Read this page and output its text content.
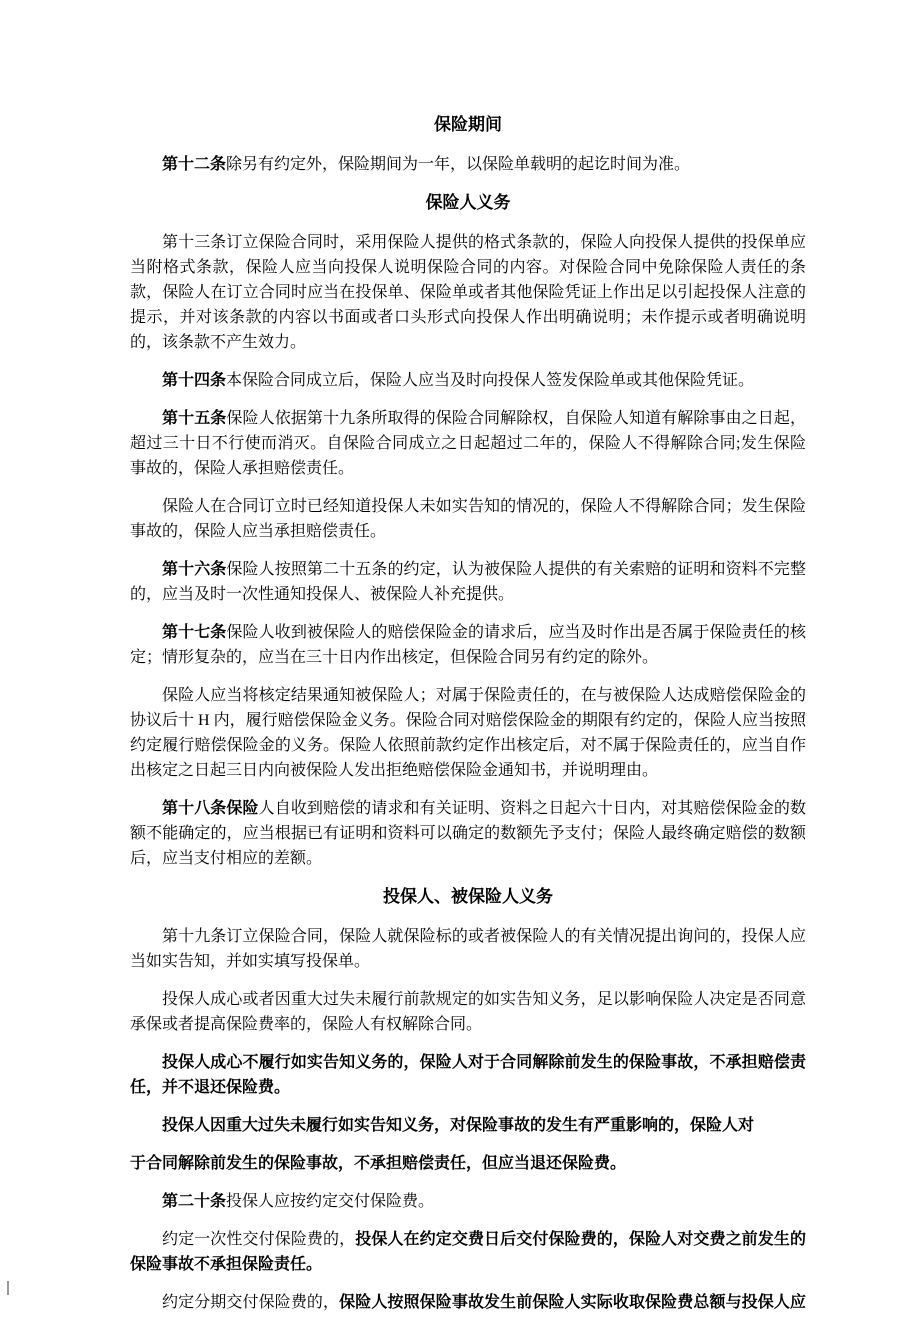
保险期间

第十二条除另有约定外，保险期间为一年，以保险单载明的起讫时间为准。

保险人义务

第十三条订立保险合同时，采用保险人提供的格式条款的，保险人向投保人提供的投保单应当附格式条款，保险人应当向投保人说明保险合同的内容。对保险合同中免除保险人责任的条款，保险人在订立合同时应当在投保单、保险单或者其他保险凭证上作出足以引起投保人注意的提示，并对该条款的内容以书面或者口头形式向投保人作出明确说明；未作提示或者明确说明的，该条款不产生效力。

第十四条本保险合同成立后，保险人应当及时向投保人签发保险单或其他保险凭证。

第十五条保险人依据第十九条所取得的保险合同解除权，自保险人知道有解除事由之日起，超过三十日不行使而消灭。自保险合同成立之日起超过二年的，保险人不得解除合同;发生保险事故的，保险人承担赔偿责任。

保险人在合同订立时已经知道投保人未如实告知的情况的，保险人不得解除合同；发生保险事故的，保险人应当承担赔偿责任。

第十六条保险人按照第二十五条的约定，认为被保险人提供的有关索赔的证明和资料不完整的，应当及时一次性通知投保人、被保险人补充提供。

第十七条保险人收到被保险人的赔偿保险金的请求后，应当及时作出是否属于保险责任的核定；情形复杂的，应当在三十日内作出核定，但保险合同另有约定的除外。

保险人应当将核定结果通知被保险人；对属于保险责任的，在与被保险人达成赔偿保险金的协议后十 H 内，履行赔偿保险金义务。保险合同对赔偿保险金的期限有约定的，保险人应当按照约定履行赔偿保险金的义务。保险人依照前款约定作出核定后，对不属于保险责任的，应当自作出核定之日起三日内向被保险人发出拒绝赔偿保险金通知书，并说明理由。

第十八条保险人自收到赔偿的请求和有关证明、资料之日起六十日内，对其赔偿保险金的数额不能确定的，应当根据已有证明和资料可以确定的数额先予支付；保险人最终确定赔偿的数额后，应当支付相应的差额。

投保人、被保险人义务

第十九条订立保险合同，保险人就保险标的或者被保险人的有关情况提出询问的，投保人应当如实告知，并如实填写投保单。

投保人成心或者因重大过失未履行前款规定的如实告知义务，足以影响保险人决定是否同意承保或者提高保险费率的，保险人有权解除合同。

投保人成心不履行如实告知义务的，保险人对于合同解除前发生的保险事故，不承担赔偿责任，并不退还保险费。

投保人因重大过失未履行如实告知义务，对保险事故的发生有严重影响的，保险人对

于合同解除前发生的保险事故，不承担赔偿责任，但应当退还保险费。

第二十条投保人应按约定交付保险费。

约定一次性交付保险费的，投保人在约定交费日后交付保险费的，保险人对交费之前发生的保险事故不承担保险责任。

约定分期交付保险费的，保险人按照保险事故发生前保险人实际收取保险费总额与投保人应
